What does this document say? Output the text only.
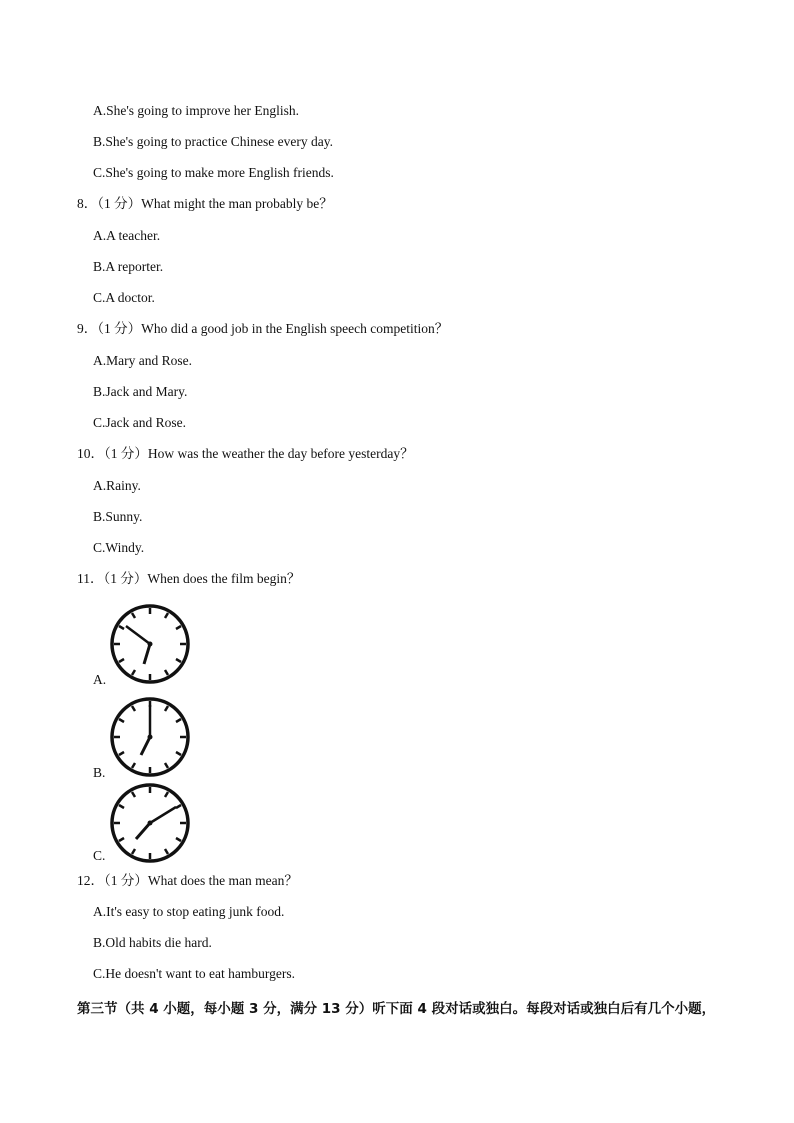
A.She's going to improve her English.
B.She's going to practice Chinese every day.
C.She's going to make more English friends.
8．（1 分）What might the man probably be？
A.A teacher.
B.A reporter.
C.A doctor.
9．（1 分）Who did a good job in the English speech competition？
A.Mary and Rose.
B.Jack and Mary.
C.Jack and Rose.
10．（1 分）How was the weather the day before yesterday？
A.Rainy.
B.Sunny.
C.Windy.
11．（1 分）When does the film begin？
A.
B.
C.
12．（1 分）What does the man mean？
A.It's easy to stop eating junk food.
B.Old habits die hard.
C.He doesn't want to eat hamburgers.
第三节（共 4 小题，每小题 3 分，满分 13 分）听下面 4 段对话或独白。每段对话或独白后有几个小题，
